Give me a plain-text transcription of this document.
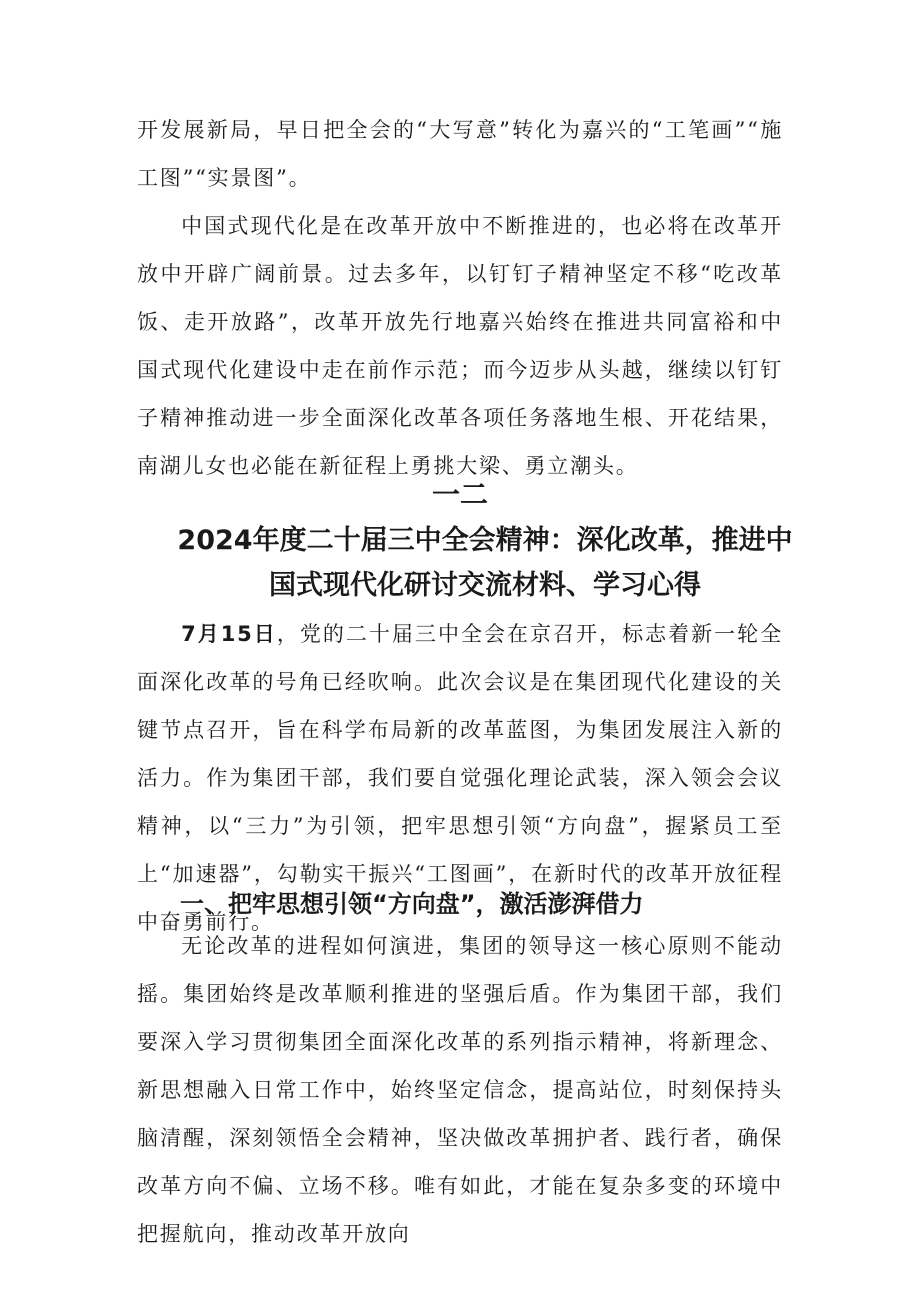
开发展新局，早日把全会的“大写意”转化为嘉兴的“工笔画”“施工图”“实景图”。

中国式现代化是在改革开放中不断推进的，也必将在改革开放中开辟广阔前景。过去多年，以钉钉子精神坚定不移“吃改革饭、走开放路”，改革开放先行地嘉兴始终在推进共同富裕和中国式现代化建设中走在前作示范；而今迈步从头越，继续以钉钉子精神推动进一步全面深化改革各项任务落地生根、开花结果，南湖儿女也必能在新征程上勇挑大梁、勇立潮头。

一二
2024年度二十届三中全会精神：深化改革，推进中国式现代化研讨交流材料、学习心得

7月15日，党的二十届三中全会在京召开，标志着新一轮全面深化改革的号角已经吹响。此次会议是在集团现代化建设的关键节点召开，旨在科学布局新的改革蓝图，为集团发展注入新的活力。作为集团干部，我们要自觉强化理论武装，深入领会会议精神，以“三力”为引领，把牢思想引领“方向盘”，握紧员工至上“加速器”，勾勒实干振兴“工图画”，在新时代的改革开放征程中奋勇前行。

一、把牢思想引领“方向盘”，激活澎湃借力

无论改革的进程如何演进，集团的领导这一核心原则不能动摇。集团始终是改革顺利推进的坚强后盾。作为集团干部，我们要深入学习贯彻集团全面深化改革的系列指示精神，将新理念、新思想融入日常工作中，始终坚定信念，提高站位，时刻保持头脑清醒，深刻领悟全会精神，坚决做改革拥护者、践行者，确保改革方向不偏、立场不移。唯有如此，才能在复杂多变的环境中把握航向，推动改革开放向
